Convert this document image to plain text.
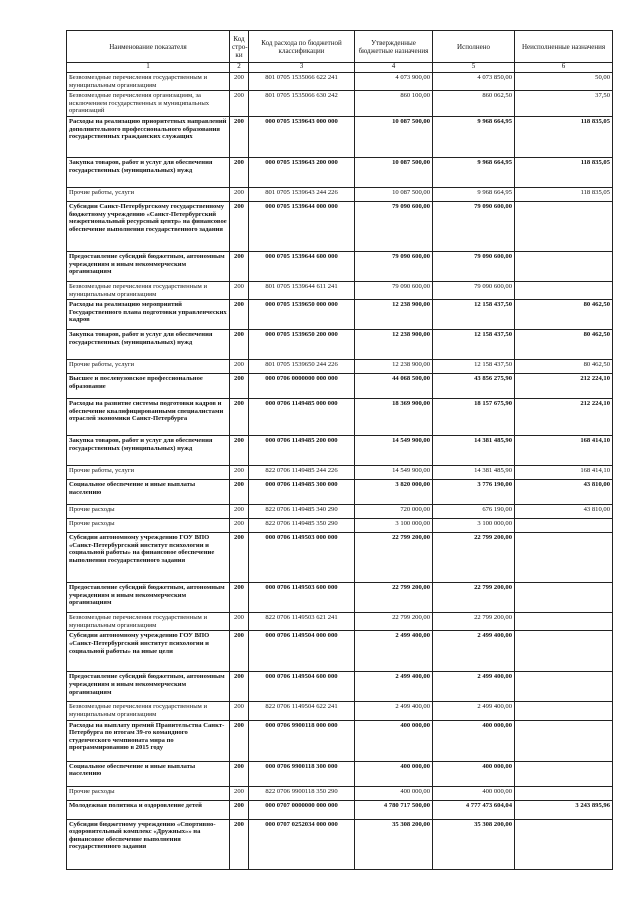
Наименование показателя	Код стро-ки	Код расхода по бюджетной классификации	Утвержденные бюджетные назначения	Исполнено	Неисполненные назначения
1	2	3	4	5	6
Безвозмездные перечисления государственным и муниципальным организациям	200	801 0705 1535066 622 241	4 073 900,00	4 073 850,00	50,00
Безвозмездные перечисления организациям, за исключением государственных и муниципальных организаций	200	801 0705 1535066 630 242	860 100,00	860 062,50	37,50
Расходы на реализацию приоритетных направлений дополнительного профессионального образования государственных гражданских служащих	200	000 0705 1539643 000 000	10 087 500,00	9 968 664,95	118 835,05
Закупка товаров, работ и услуг для обеспечения государственных (муниципальных) нужд	200	000 0705 1539643 200 000	10 087 500,00	9 968 664,95	118 835,05
Прочие работы, услуги	200	801 0705 1539643 244 226	10 087 500,00	9 968 664,95	118 835,05
Субсидии Санкт-Петербургскому государственному бюджетному учреждению «Санкт-Петербургский межрегиональный ресурсный центр» на финансовое обеспечение выполнения государственного задания	200	000 0705 1539644 000 000	79 090 600,00	79 090 600,00	
Предоставление субсидий бюджетным, автономным учреждениям и иным некоммерческим организациям	200	000 0705 1539644 600 000	79 090 600,00	79 090 600,00	
Безвозмездные перечисления государственным и муниципальным организациям	200	801 0705 1539644 611 241	79 090 600,00	79 090 600,00	
Расходы на реализацию мероприятий Государственного плана подготовки управленческих кадров	200	000 0705 1539650 000 000	12 238 900,00	12 158 437,50	80 462,50
Закупка товаров, работ и услуг для обеспечения государственных (муниципальных) нужд	200	000 0705 1539650 200 000	12 238 900,00	12 158 437,50	80 462,50
Прочие работы, услуги	200	801 0705 1539650 244 226	12 238 900,00	12 158 437,50	80 462,50
Высшее и послевузовское профессиональное образование	200	000 0706 0000000 000 000	44 068 500,00	43 856 275,90	212 224,10
Расходы на развитие системы подготовки кадров и обеспечение квалифицированными специалистами отраслей экономики Санкт-Петербурга	200	000 0706 1149485 000 000	18 369 900,00	18 157 675,90	212 224,10
Закупка товаров, работ и услуг для обеспечения государственных (муниципальных) нужд	200	000 0706 1149485 200 000	14 549 900,00	14 381 485,90	168 414,10
Прочие работы, услуги	200	822 0706 1149485 244 226	14 549 900,00	14 381 485,90	168 414,10
Социальное обеспечение и иные выплаты населению	200	000 0706 1149485 300 000	3 820 000,00	3 776 190,00	43 810,00
Прочие расходы	200	822 0706 1149485 340 290	720 000,00	676 190,00	43 810,00
Прочие расходы	200	822 0706 1149485 350 290	3 100 000,00	3 100 000,00	
Субсидии автономному учреждению ГОУ ВПО «Санкт-Петербургский институт психологии и социальной работы» на финансовое обеспечение выполнения государственного задания	200	000 0706 1149503 000 000	22 799 200,00	22 799 200,00	
Предоставление субсидий бюджетным, автономным учреждениям и иным некоммерческим организациям	200	000 0706 1149503 600 000	22 799 200,00	22 799 200,00	
Безвозмездные перечисления государственным и муниципальным организациям	200	822 0706 1149503 621 241	22 799 200,00	22 799 200,00	
Субсидии автономному учреждению ГОУ ВПО «Санкт-Петербургский институт психологии и социальной работы» на иные цели	200	000 0706 1149504 000 000	2 499 400,00	2 499 400,00	
Предоставление субсидий бюджетным, автономным учреждениям и иным некоммерческим организациям	200	000 0706 1149504 600 000	2 499 400,00	2 499 400,00	
Безвозмездные перечисления государственным и муниципальным организациям	200	822 0706 1149504 622 241	2 499 400,00	2 499 400,00	
Расходы на выплату премий Правительства Санкт-Петербурга по итогам 39-го командного студенческого чемпионата мира по программированию в 2015 году	200	000 0706 9900118 000 000	400 000,00	400 000,00	
Социальное обеспечение и иные выплаты населению	200	000 0706 9900118 300 000	400 000,00	400 000,00	
Прочие расходы	200	822 0706 9900118 350 290	400 000,00	400 000,00	
Молодежная политика и оздоровление детей	200	000 0707 0000000 000 000	4 780 717 500,00	4 777 473 604,04	3 243 895,96
Субсидии бюджетному учреждению «Спортивно-оздоровительный комплекс «Дружных»» на финансовое обеспечение выполнения государственного задания	200	000 0707 0252034 000 000	35 308 200,00	35 308 200,00	
